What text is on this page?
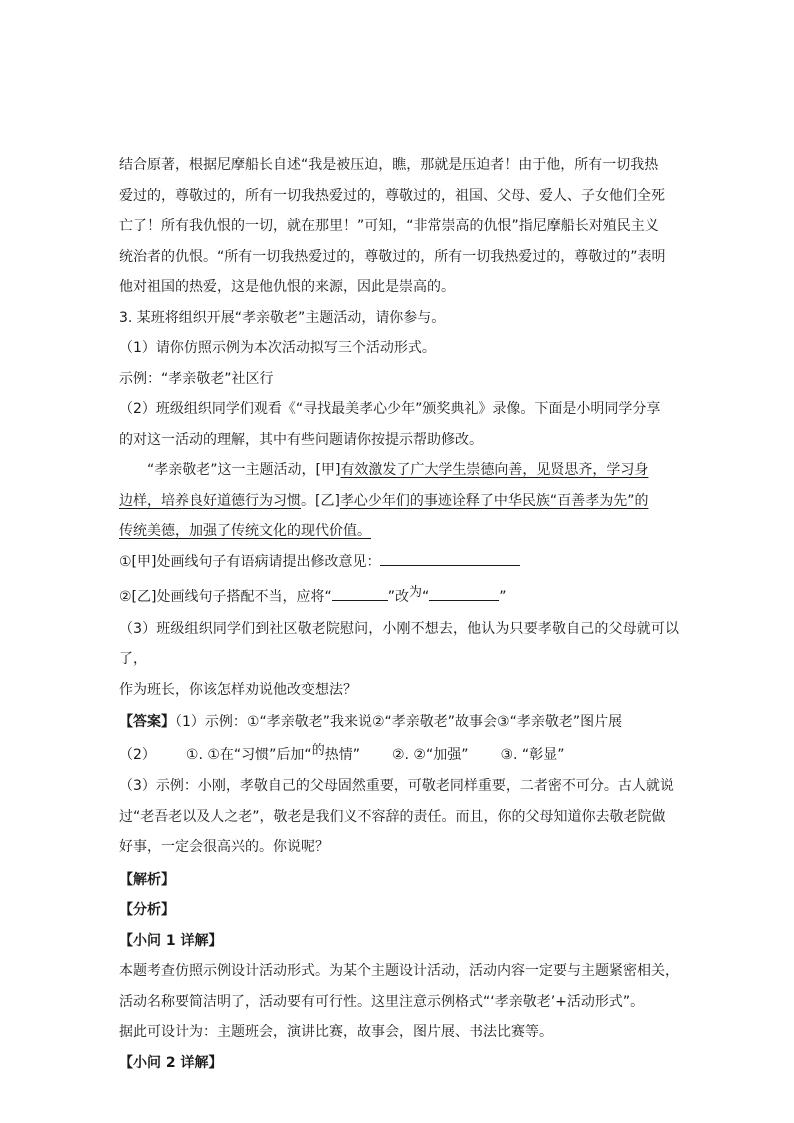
结合原著，根据尼摩船长自述“我是被压迫，瞧，那就是压迫者！由于他，所有一切我热

爱过的，尊敬过的，所有一切我热爱过的，尊敬过的，祖国、父母、爱人、子女他们全死

亡了！所有我仇恨的一切，就在那里！”可知，“非常崇高的仇恨”指尼摩船长对殖民主义

统治者的仇恨。“所有一切我热爱过的，尊敬过的，所有一切我热爱过的，尊敬过的”表明

他对祖国的热爱，这是他仇恨的来源，因此是崇高的。

3. 某班将组织开展“孝亲敬老”主题活动，请你参与。

（1）请你仿照示例为本次活动拟写三个活动形式。

示例：“孝亲敬老”社区行

（2）班级组织同学们观看《“寻找最美孝心少年”颁奖典礼》录像。下面是小明同学分享

的对这一活动的理解，其中有些问题请你按提示帮助修改。

“孝亲敬老”这一主题活动，[甲]有效激发了广大学生崇德向善，见贤思齐，学习身

边样，培养良好道德行为习惯。[乙]孝心少年们的事迹诠释了中华民族“百善孝为先”的

传统美德，加强了传统文化的现代价值。

①[甲]处画线句子有语病请提出修改意见：

②[乙]处画线句子搭配不当，应将“	”改为“	”

（3）班级组织同学们到社区敬老院慰问，小刚不想去，他认为只要孝敬自己的父母就可以了，

作为班长，你该怎样劝说他改变想法？

【答案】（1）示例：①“孝亲敬老”我来说②“孝亲敬老”故事会③“孝亲敬老”图片展

（2） ①. ①在“习惯”后加“的热情” ②. ②“加强” ③. “彰显”

（3）示例：小刚，孝敬自己的父母固然重要，可敬老同样重要，二者密不可分。古人就说

过“老吾老以及人之老”，敬老是我们义不容辞的责任。而且，你的父母知道你去敬老院做

好事，一定会很高兴的。你说呢？

【解析】

【分析】

【小问 1 详解】

本题考查仿照示例设计活动形式。为某个主题设计活动，活动内容一定要与主题紧密相关，

活动名称要简洁明了，活动要有可行性。这里注意示例格式“‘孝亲敬老’+活动形式”。

据此可设计为：主题班会，演讲比赛，故事会，图片展、书法比赛等。

【小问 2 详解】
